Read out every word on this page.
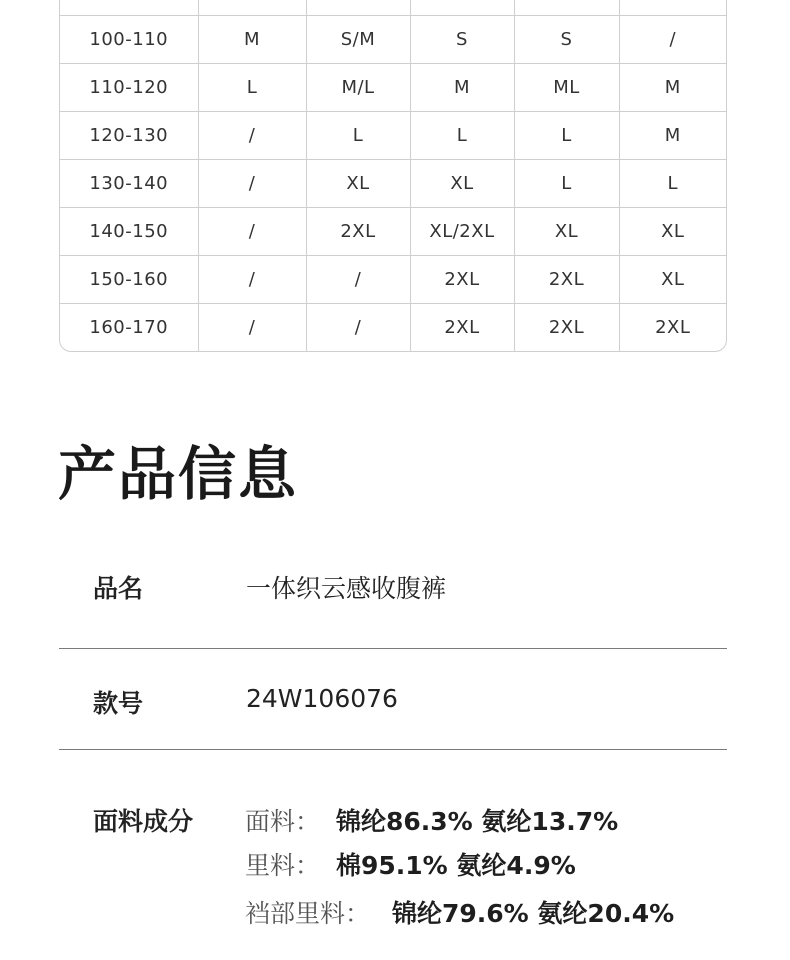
100-110	M	S/M	S	S	/
110-120	L	M/L	M	ML	M
120-130	/	L	L	L	M
130-140	/	XL	XL	L	L
140-150	/	2XL	XL/2XL	XL	XL
150-160	/	/	2XL	2XL	XL
160-170	/	/	2XL	2XL	2XL
产品信息
品名	一体织云感收腹裤
款号	24W106076
面料成分 面料： 锦纶86.3% 氨纶13.7%
里料： 棉95.1% 氨纶4.9%
裆部里料： 锦纶79.6% 氨纶20.4%
